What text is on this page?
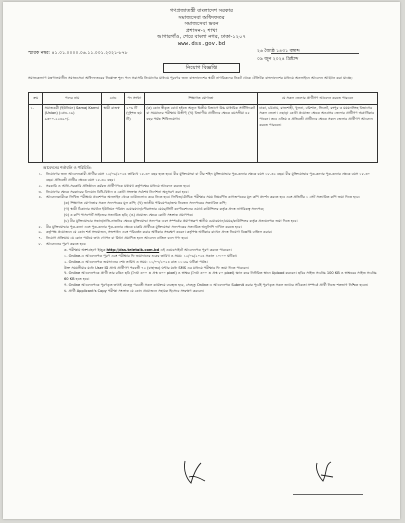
গণপ্রজাতন্ত্রী বাংলাদেশ সরকার
সমাজসেবা অধিদফতর
সমাজসেবা ভবন
প্রশাসন-২ শাখা
আগারগাঁও, শেরে বাংলা নগর, ঢাকা-১২০৭
www.dss.gov.bd
স্মারক নম্বর: ৪১.০১.০০০০.০৬.১১.০০১.২০২১-৮৭৮	২৬ জ্যৈষ্ঠ ১৪৩১ বঙ্গাব্দ
০৯ জুন ২০২৪ খ্রিষ্টাব্দ
নিয়োগ বিজ্ঞপ্তি
সমাজকল্যাণ মন্ত্রণালয়াধীন সমাজসেবা অধিদফতরের নিম্নোক্ত শূন্য পদে সরাসরি নিয়োগের মাধ্যমে পূরণের জন্য বাংলাদেশের স্থায়ী নাগরিকদের নিকট থেকে টেলিটক বাংলাদেশের মাধ্যমে অনলাইনে আবেদন আহ্বান করা যাচ্ছে:
ক্রম	পদের নাম	গ্রেড	পদ সংখ্যা	শিক্ষাগত যোগ্যতা	যে সকল জেলার প্রার্থীগণ আবেদন করতে পারবেন
১.	সমাজকর্মী (ইউনিয়ন) Samaj Karmi (Union) (গ্রেড-১৬) ৯৩০০-২২৪৯০/-	স্থায়ী রাজস্ব	২০৬ টি (দুইশত ছয় টি)	(ক) কোন স্বীকৃত বোর্ড হইতে অন্যূন দ্বিতীয় বিভাগে উচ্চ মাধ্যমিক সার্টিফিকেট বা সমমানের পরীক্ষায় উত্তীর্ণ; (খ) বিভাগীয় প্রার্থীদের ক্ষেত্রে বয়সসীমা ৪৫ বছর পর্যন্ত শিথিলযোগ্য।	ঢাকা, চট্টগ্রাম, রাজশাহী, খুলনা, বরিশাল, সিলেট, রংপুর ও ময়মনসিংহ বিভাগের সকল জেলা। এছাড়া কোটা প্রযোজ্য ক্ষেত্রে অনগ্রসর জেলার প্রার্থীগণ অগ্রাধিকার পাবেন। তবে এতিম ও প্রতিবন্ধী প্রার্থীদের ক্ষেত্রে সকল জেলার প্রার্থীগণ আবেদন করতে পারবেন।
আবেদনের শর্তাবলি ও পরিচিতি:
১.	নিয়োগের জন্য আবেদনকারী প্রার্থীর বয়স ১২/০৬/২০২৪ তারিখে ১৮-৩০ বছর হতে হবে। বীর মুক্তিযোদ্ধা বা বীর শহিদ মুক্তিযোদ্ধার পুত্র-কন্যার ক্ষেত্রে বয়স ১৮-৩২ বছর। বীর মুক্তিযোদ্ধার পুত্র-কন্যার পুত্র-কন্যার ক্ষেত্রে বয়স ১৮-৩০ বছর। প্রতিবন্ধী প্রার্থীর ক্ষেত্রে বয়স ১৮-৩২ বছর।
২.	সরকারি ও আধা-সরকারি প্রতিষ্ঠানে কর্মরত প্রার্থীগণকে যথাযথ কর্তৃপক্ষের মাধ্যমে আবেদন করতে হবে।
৩.	নিয়োগের ক্ষেত্রে সরকারের বিদ্যমান বিধি-বিধান ও কোটা সংক্রান্ত সর্বশেষ নির্দেশনা অনুসরণ করা হবে।
৪.	আবেদনকারীকে লিখিত পরীক্ষায় প্রবেশপত্র অনলাইন থেকে ডাউনলোড করে নিতে হবে। লিখিত/মৌখিক পরীক্ষার সময় নিম্নবর্ণিত কাগজপত্রের মূল কপি প্রদর্শন করতে হবে এবং প্রতিটির ১ সেট সত্যায়িত কপি জমা দিতে হবে:
(ক) শিক্ষাগত যোগ্যতার সকল সনদপত্রের মূল কপি; (খ) জাতীয় পরিচয়পত্র/জন্ম নিবন্ধন সনদপত্রের সত্যায়িত কপি;
(গ) স্থায়ী ঠিকানার সমর্থনে ইউনিয়ন পরিষদ চেয়ারম্যান/পৌরসভার মেয়র/সিটি কর্পোরেশনের ওয়ার্ড কাউন্সিলর কর্তৃক প্রদত্ত নাগরিকত্ব সনদপত্র;
(ঘ) ৩ কপি পাসপোর্ট সাইজের সত্যায়িত ছবি; (ঙ) প্রযোজ্য ক্ষেত্রে কোটা সংক্রান্ত প্রমাণপত্র।
(চ) বীর মুক্তিযোদ্ধার সন্তান/নাতি-নাতনির ক্ষেত্রে মুক্তিযোদ্ধা সনদপত্র এবং সম্পর্কের প্রমাণস্বরূপ স্থানীয় চেয়ারম্যান/মেয়র/কাউন্সিলর কর্তৃক প্রত্যয়নপত্র জমা দিতে হবে।
৫.	বীর মুক্তিযোদ্ধার পুত্র-কন্যা এবং পুত্র-কন্যার পুত্র-কন্যার ক্ষেত্রে চাকরি প্রার্থীকে মুক্তিযোদ্ধা সনদপত্রের সত্যায়িত অনুলিপি দাখিল করতে হবে।
৬.	কর্তৃপক্ষ প্রয়োজনে যে কোন শর্ত সংযোজন, সংশোধন এবং পরিবর্তন করার অধিকার সংরক্ষণ করেন। কর্তৃপক্ষ অধিকার রাখেন প্রদত্ত নিয়োগ বিজ্ঞপ্তি বাতিল করার।
৭.	নিয়োগ প্রক্রিয়ায় যে কোন পর্যায়ে তথ্য গোপন বা মিথ্যা প্রমাণিত হলে আবেদন বাতিল বলে গণ্য হবে।
৮.	আবেদনের পূরণ করতে হবে:
ক. পরীক্ষায় অংশগ্রহণে ইচ্ছুক http://dss.teletalk.com.bd এই ওয়েবসাইটে আবেদনপত্র পূরণ করতে পারবেন।
১. Online-এ আবেদনপত্র পূরণ এবং পরীক্ষার ফি জমাদানের শুরুর তারিখ ও সময়: ১২/০৬/২০২৪ সকাল ১০:০০ ঘটিকা।
২. Online-এ আবেদনপত্র জমাদানের শেষ তারিখ ও সময়: ১১/০৭/২০২৪ রাত ১১:৫৯ ঘটিকা পর্যন্ত।
উক্ত সময়সীমার মধ্যে User ID প্রাপ্ত প্রার্থীগণ পরবর্তী ৭২ (বাহাত্তর) ঘন্টার মধ্যে SMS এর মাধ্যমে পরীক্ষার ফি জমা দিতে পারবেন।
খ. Online আবেদনপত্রে প্রার্থী তার রঙিন ছবি (দৈর্ঘ্য ৩০০ × প্রস্থ ৩০০ pixel) ও স্বাক্ষর (দৈর্ঘ্য ৩০০ × প্রস্থ ৮০ pixel) স্ক্যান করে নির্ধারিত স্থানে Upload করবেন। ছবির সাইজ সর্বোচ্চ 100 KB ও স্বাক্ষরের সাইজ সর্বোচ্চ 60 KB হতে হবে।
গ. Online আবেদনপত্রে পূরণকৃত তথ্যই যেহেতু পরবর্তী সকল কার্যক্রমে ব্যবহৃত হবে, সেহেতু Online এ আবেদনপত্র Submit করার পূর্বেই পূরণকৃত সকল তথ্যের সঠিকতা সম্পর্কে প্রার্থী নিজে শতভাগ নিশ্চিত হবেন।
ঘ. প্রার্থী Applicant's Copy পরীক্ষা সংক্রান্ত যে কোন প্রয়োজনে সহায়ক হিসেবে সংরক্ষণ করবেন।
